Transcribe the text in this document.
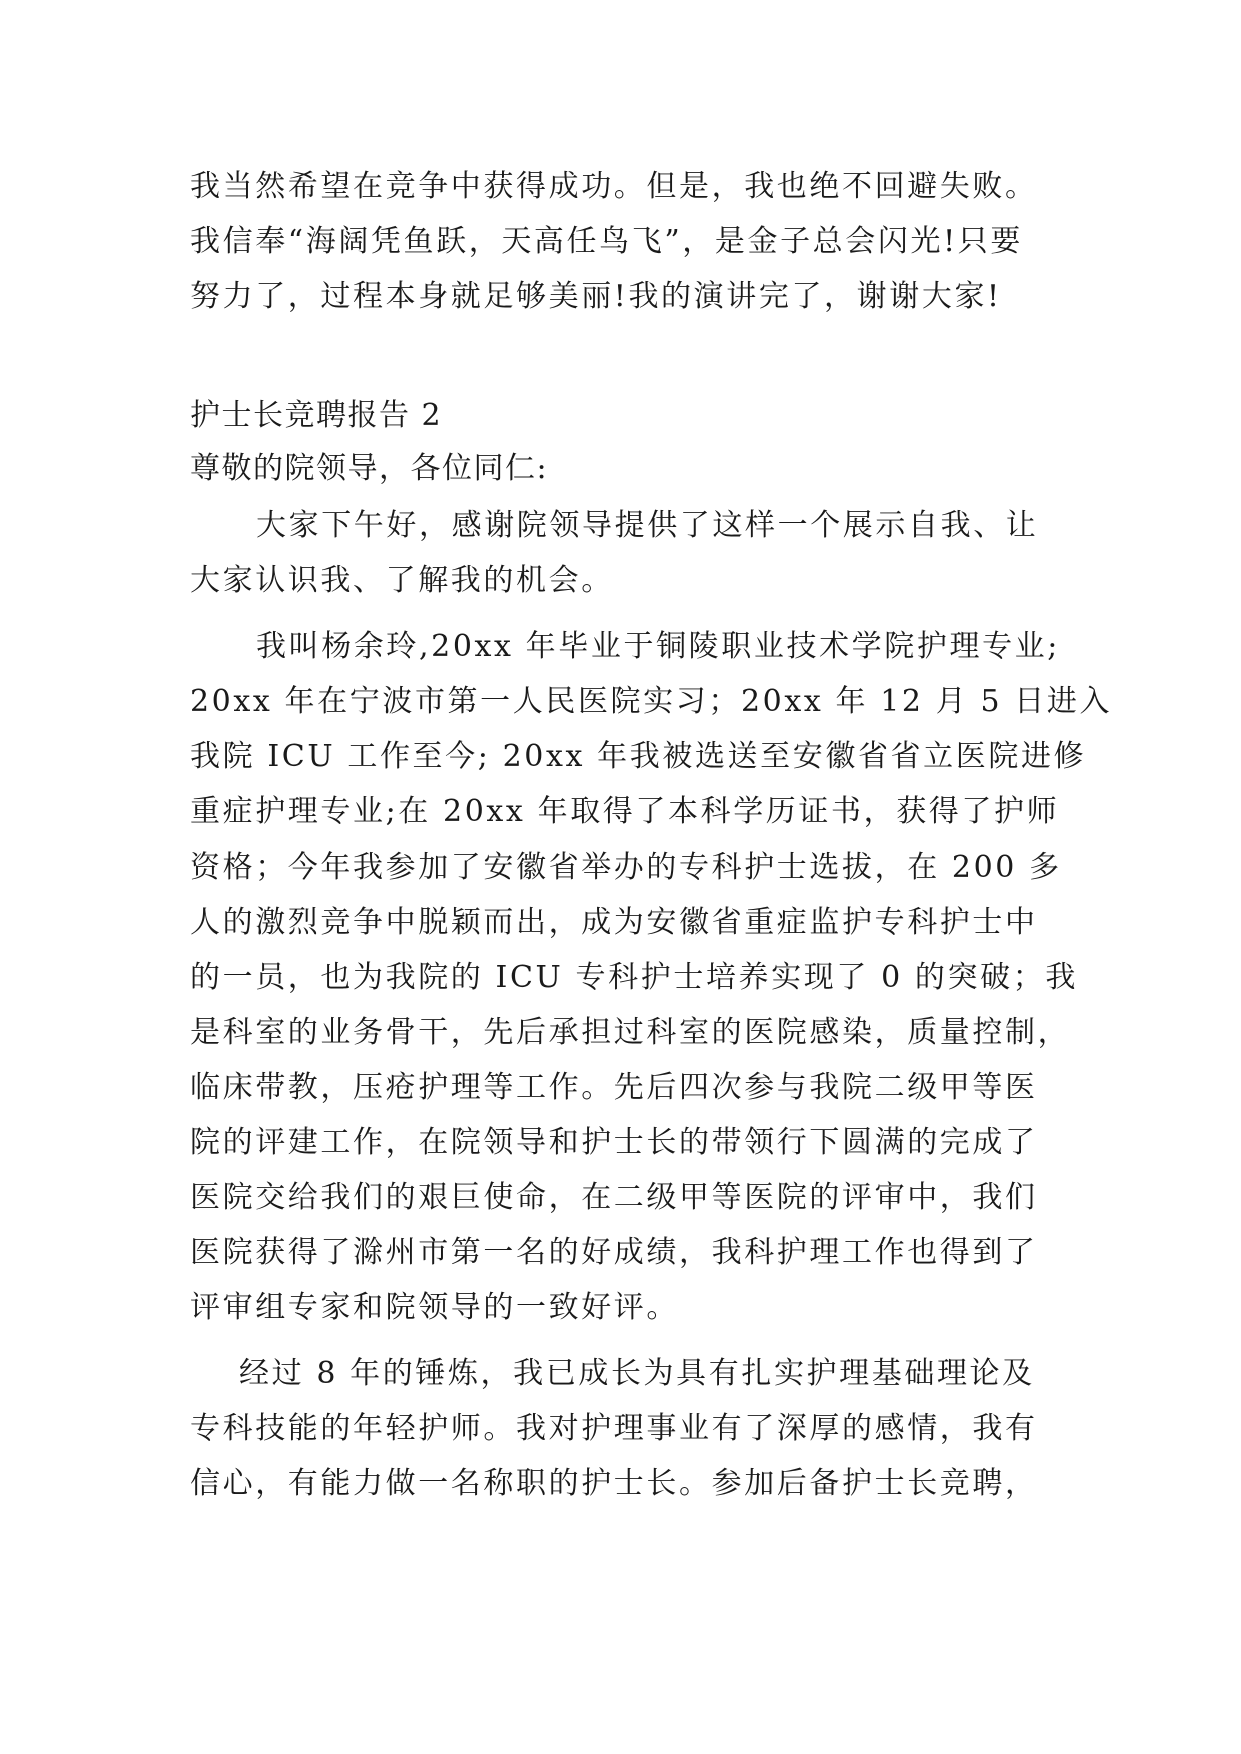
我当然希望在竞争中获得成功。但是，我也绝不回避失败。
我信奉“海阔凭鱼跃，天高任鸟飞”，是金子总会闪光!只要
努力了，过程本身就足够美丽!我的演讲完了，谢谢大家!
护士长竞聘报告 2
尊敬的院领导，各位同仁:
大家下午好，感谢院领导提供了这样一个展示自我、让
大家认识我、了解我的机会。
我叫杨余玲,20xx 年毕业于铜陵职业技术学院护理专业;
20xx 年在宁波市第一人民医院实习；20xx 年 12 月 5 日进入
我院 ICU 工作至今; 20xx 年我被选送至安徽省省立医院进修
重症护理专业;在 20xx 年取得了本科学历证书，获得了护师
资格；今年我参加了安徽省举办的专科护士选拔，在 200 多
人的激烈竞争中脱颖而出，成为安徽省重症监护专科护士中
的一员，也为我院的 ICU 专科护士培养实现了 0 的突破；我
是科室的业务骨干，先后承担过科室的医院感染，质量控制，
临床带教，压疮护理等工作。先后四次参与我院二级甲等医
院的评建工作，在院领导和护士长的带领行下圆满的完成了
医院交给我们的艰巨使命，在二级甲等医院的评审中，我们
医院获得了滁州市第一名的好成绩，我科护理工作也得到了
评审组专家和院领导的一致好评。
经过 8 年的锤炼，我已成长为具有扎实护理基础理论及
专科技能的年轻护师。我对护理事业有了深厚的感情，我有
信心，有能力做一名称职的护士长。参加后备护士长竞聘，
